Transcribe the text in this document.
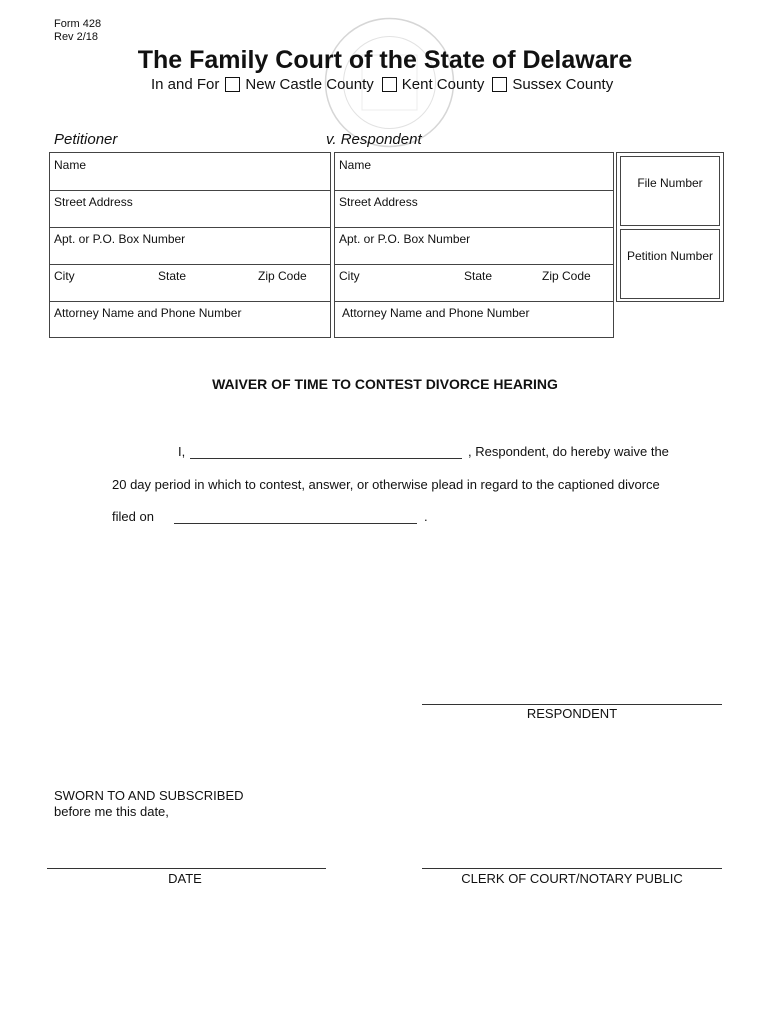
Form 428
Rev 2/18
The Family Court of the State of Delaware
In and For New Castle County Kent County Sussex County
Petitioner	v. Respondent
Name
Street Address
Apt. or P.O. Box Number
City	State	Zip Code
Attorney Name and Phone Number
Name
Street Address
Apt. or P.O. Box Number
City	State	Zip Code
Attorney Name and Phone Number
File Number
Petition Number
WAIVER OF TIME TO CONTEST DIVORCE HEARING
I,	, Respondent, do hereby waive the
20 day period in which to contest, answer, or otherwise plead in regard to the captioned divorce
filed on	.
RESPONDENT
SWORN TO AND SUBSCRIBED
before me this date,
DATE	CLERK OF COURT/NOTARY PUBLIC
